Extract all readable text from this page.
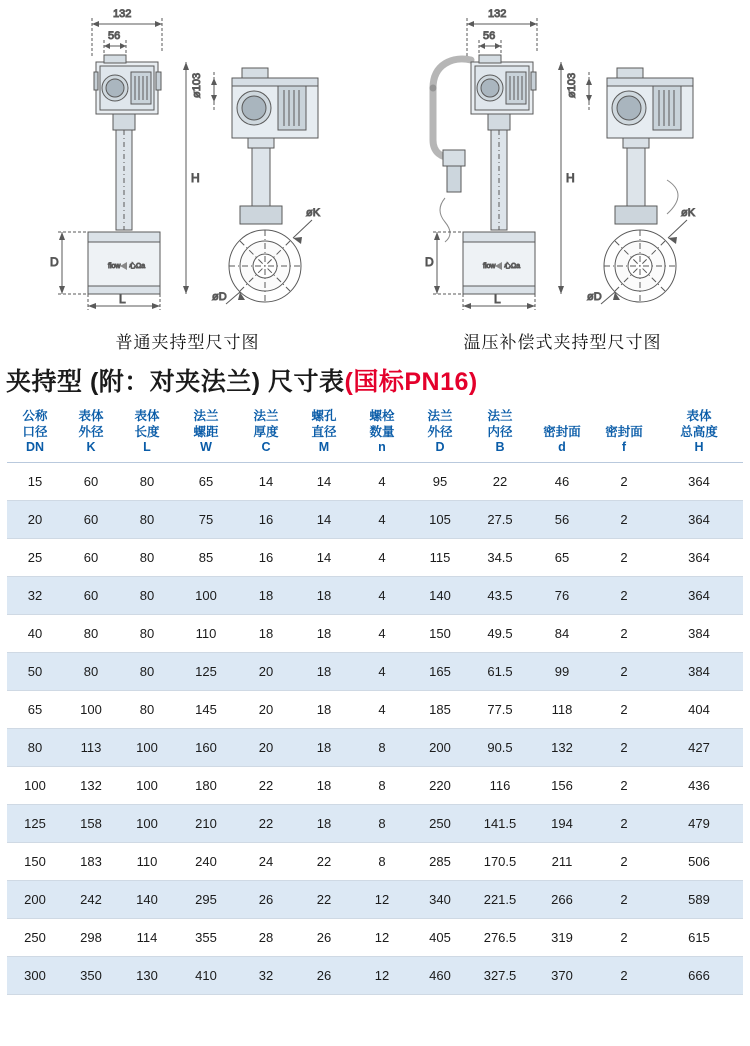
flow 心Ωa
132
56
ø103
H
D
L
øK
øD
flow 心Ωa
132
56
ø103
H
D
L
øK
øD
普通夹持型尺寸图	温压补偿式夹持型尺寸图
夹持型 (附：对夹法兰) 尺寸表(国标PN16)
公称
口径
DN	表体
外径
K	表体
长度
L	法兰
螺距
W	法兰
厚度
C	螺孔
直径
M	螺栓
数量
n	法兰
外径
D	法兰
内径
B	密封面
d	密封面
f	表体
总高度
H

15	60	80	65	14	14	4	95	22	46	2	364
20	60	80	75	16	14	4	105	27.5	56	2	364
25	60	80	85	16	14	4	115	34.5	65	2	364
32	60	80	100	18	18	4	140	43.5	76	2	364
40	80	80	110	18	18	4	150	49.5	84	2	384
50	80	80	125	20	18	4	165	61.5	99	2	384
65	100	80	145	20	18	4	185	77.5	118	2	404
80	113	100	160	20	18	8	200	90.5	132	2	427
100	132	100	180	22	18	8	220	116	156	2	436
125	158	100	210	22	18	8	250	141.5	194	2	479
150	183	110	240	24	22	8	285	170.5	211	2	506
200	242	140	295	26	22	12	340	221.5	266	2	589
250	298	114	355	28	26	12	405	276.5	319	2	615
300	350	130	410	32	26	12	460	327.5	370	2	666
